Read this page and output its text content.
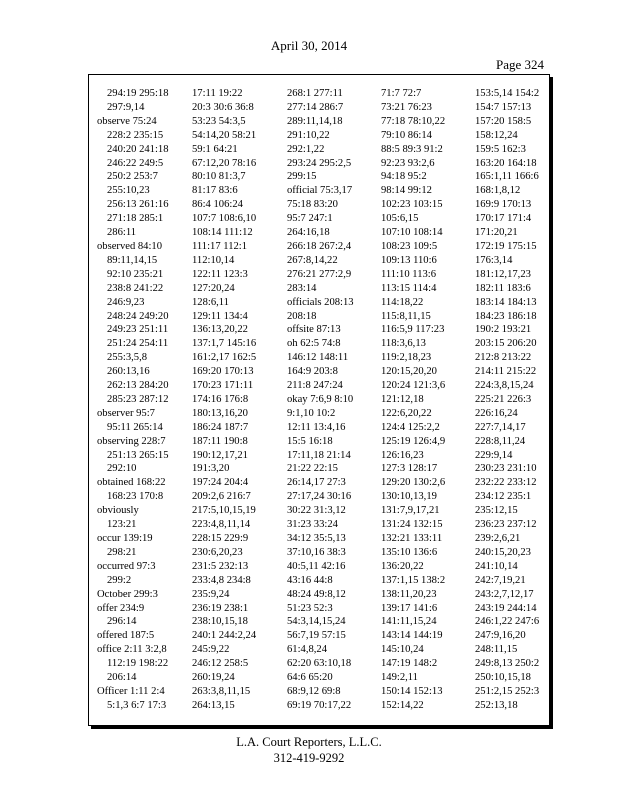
April 30, 2014
Page 324
294:19 295:18
297:9,14
observe 75:24
228:2 235:15
240:20 241:18
246:22 249:5
250:2 253:7
255:10,23
256:13 261:16
271:18 285:1
286:11
observed 84:10
89:11,14,15
92:10 235:21
238:8 241:22
246:9,23
248:24 249:20
249:23 251:11
251:24 254:11
255:3,5,8
260:13,16
262:13 284:20
285:23 287:12
observer 95:7
95:11 265:14
observing 228:7
251:13 265:15
292:10
obtained 168:22
168:23 170:8
obviously
123:21
occur 139:19
298:21
occurred 97:3
299:2
October 299:3
offer 234:9
296:14
offered 187:5
office 2:11 3:2,8
112:19 198:22
206:14
Officer 1:11 2:4
5:1,3 6:7 17:3
17:11 19:22
20:3 30:6 36:8
53:23 54:3,5
54:14,20 58:21
59:1 64:21
67:12,20 78:16
80:10 81:3,7
81:17 83:6
86:4 106:24
107:7 108:6,10
108:14 111:12
111:17 112:1
112:10,14
122:11 123:3
127:20,24
128:6,11
129:11 134:4
136:13,20,22
137:1,7 145:16
161:2,17 162:5
169:20 170:13
170:23 171:11
174:16 176:8
180:13,16,20
186:24 187:7
187:11 190:8
190:12,17,21
191:3,20
197:24 204:4
209:2,6 216:7
217:5,10,15,19
223:4,8,11,14
228:15 229:9
230:6,20,23
231:5 232:13
233:4,8 234:8
235:9,24
236:19 238:1
238:10,15,18
240:1 244:2,24
245:9,22
246:12 258:5
260:19,24
263:3,8,11,15
264:13,15
268:1 277:11
277:14 286:7
289:11,14,18
291:10,22
292:1,22
293:24 295:2,5
299:15
official 75:3,17
75:18 83:20
95:7 247:1
264:16,18
266:18 267:2,4
267:8,14,22
276:21 277:2,9
283:14
officials 208:13
208:18
offsite 87:13
oh 62:5 74:8
146:12 148:11
164:9 203:8
211:8 247:24
okay 7:6,9 8:10
9:1,10 10:2
12:11 13:4,16
15:5 16:18
17:11,18 21:14
21:22 22:15
26:14,17 27:3
27:17,24 30:16
30:22 31:3,12
31:23 33:24
34:12 35:5,13
37:10,16 38:3
40:5,11 42:16
43:16 44:8
48:24 49:8,12
51:23 52:3
54:3,14,15,24
56:7,19 57:15
61:4,8,24
62:20 63:10,18
64:6 65:20
68:9,12 69:8
69:19 70:17,22
71:7 72:7
73:21 76:23
77:18 78:10,22
79:10 86:14
88:5 89:3 91:2
92:23 93:2,6
94:18 95:2
98:14 99:12
102:23 103:15
105:6,15
107:10 108:14
108:23 109:5
109:13 110:6
111:10 113:6
113:15 114:4
114:18,22
115:8,11,15
116:5,9 117:23
118:3,6,13
119:2,18,23
120:15,20,20
120:24 121:3,6
121:12,18
122:6,20,22
124:4 125:2,2
125:19 126:4,9
126:16,23
127:3 128:17
129:20 130:2,6
130:10,13,19
131:7,9,17,21
131:24 132:15
132:21 133:11
135:10 136:6
136:20,22
137:1,15 138:2
138:11,20,23
139:17 141:6
141:11,15,24
143:14 144:19
145:10,24
147:19 148:2
149:2,11
150:14 152:13
152:14,22
153:5,14 154:2
154:7 157:13
157:20 158:5
158:12,24
159:5 162:3
163:20 164:18
165:1,11 166:6
168:1,8,12
169:9 170:13
170:17 171:4
171:20,21
172:19 175:15
176:3,14
181:12,17,23
182:11 183:6
183:14 184:13
184:23 186:18
190:2 193:21
203:15 206:20
212:8 213:22
214:11 215:22
224:3,8,15,24
225:21 226:3
226:16,24
227:7,14,17
228:8,11,24
229:9,14
230:23 231:10
232:22 233:12
234:12 235:1
235:12,15
236:23 237:12
239:2,6,21
240:15,20,23
241:10,14
242:7,19,21
243:2,7,12,17
243:19 244:14
246:1,22 247:6
247:9,16,20
248:11,15
249:8,13 250:2
250:10,15,18
251:2,15 252:3
252:13,18
L.A. Court Reporters, L.L.C.
312-419-9292
